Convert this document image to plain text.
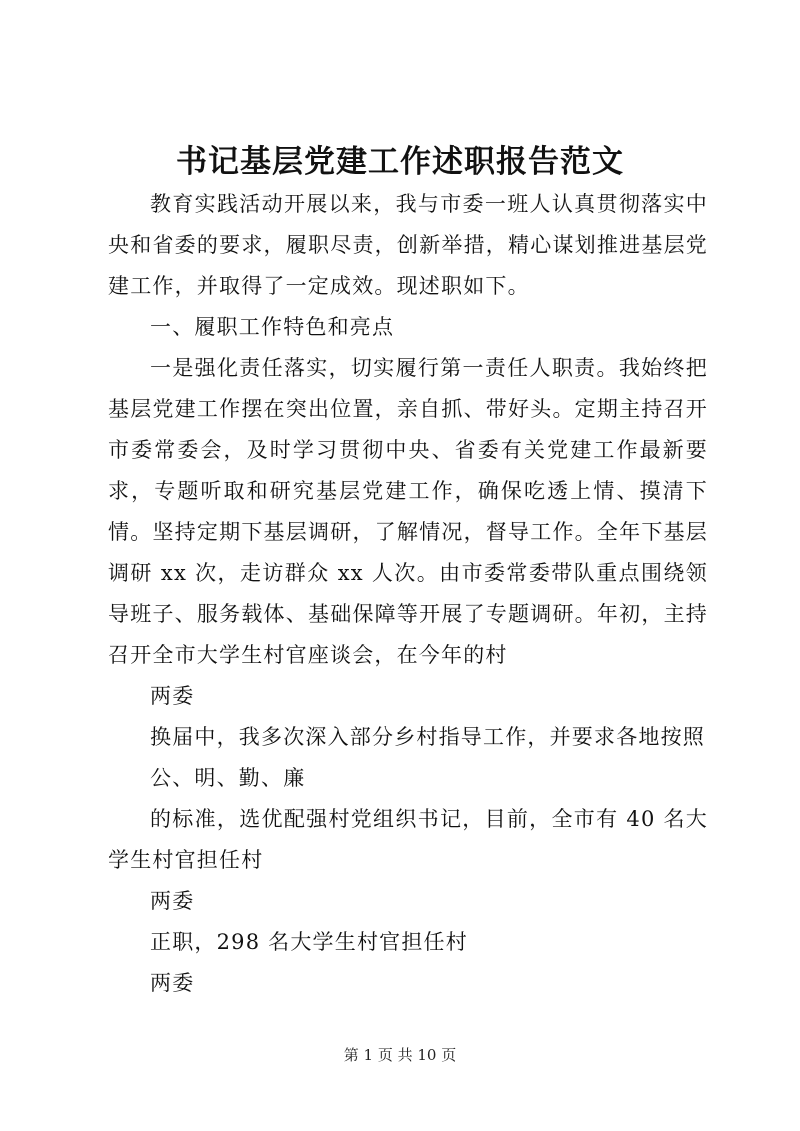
书记基层党建工作述职报告范文

教育实践活动开展以来，我与市委一班人认真贯彻落实中央和省委的要求，履职尽责，创新举措，精心谋划推进基层党建工作，并取得了一定成效。现述职如下。

一、履职工作特色和亮点

一是强化责任落实，切实履行第一责任人职责。我始终把基层党建工作摆在突出位置，亲自抓、带好头。定期主持召开市委常委会，及时学习贯彻中央、省委有关党建工作最新要求，专题听取和研究基层党建工作，确保吃透上情、摸清下情。坚持定期下基层调研，了解情况，督导工作。全年下基层调研 xx 次，走访群众 xx 人次。由市委常委带队重点围绕领导班子、服务载体、基础保障等开展了专题调研。年初，主持召开全市大学生村官座谈会，在今年的村

两委

换届中，我多次深入部分乡村指导工作，并要求各地按照

公、明、勤、廉

的标准，选优配强村党组织书记，目前，全市有 40 名大学生村官担任村

两委

正职，298 名大学生村官担任村

两委

第 1 页 共 10 页
